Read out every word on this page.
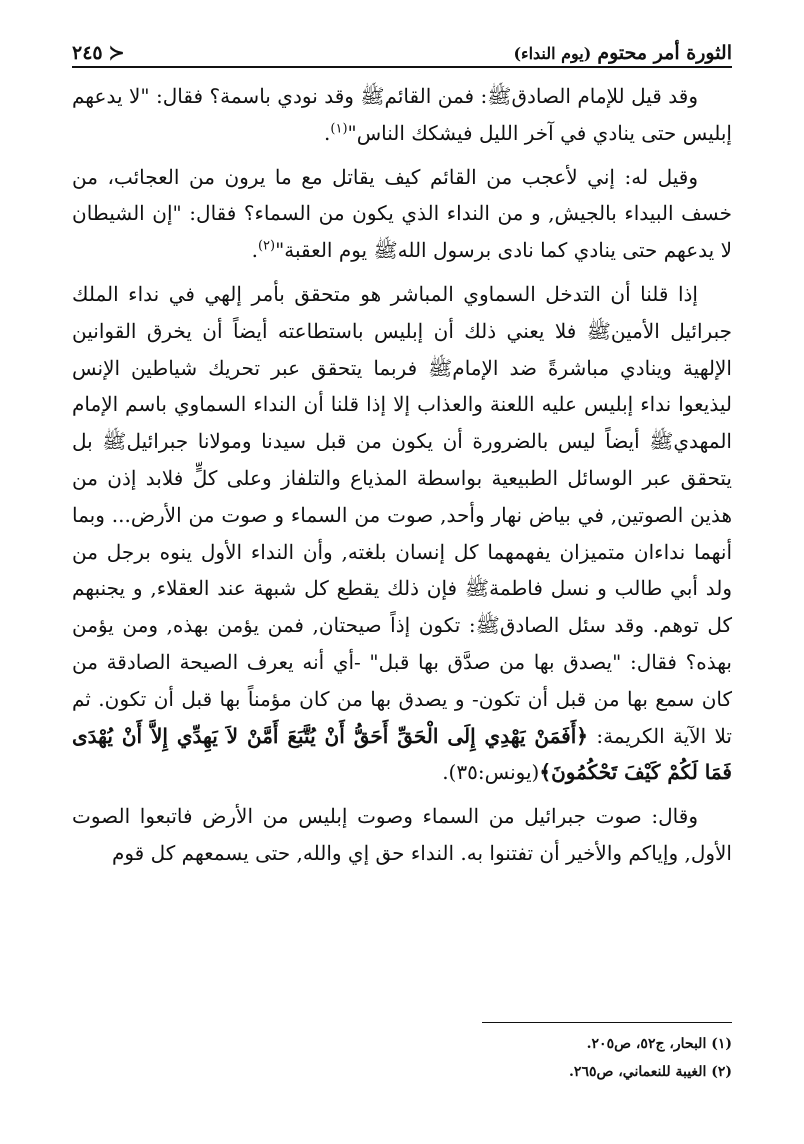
الثورة أمر محتوم
(يوم النداء)
≺
٢٤٥

وقد قيل للإمام الصادق‌ﷺ: فمن القائم‌ﷺ وقد نودي باسمة؟ فقال: "لا يدعهم إبليس حتى ينادي في آخر الليل فيشكك الناس"$^{(١)}$.

وقيل له: إني لأعجب من القائم كيف يقاتل مع ما يرون من العجائب، من خسف البيداء بالجيش, و من النداء الذي يكون من السماء؟ فقال: "إن الشيطان لا يدعهم حتى ينادي كما نادى برسول الله‌ﷺ يوم العقبة"$^{(٢)}$.

إذا قلنا أن التدخل السماوي المباشر هو متحقق بأمر إلهي في نداء الملك جبرائيل الأمين‌ﷺ فلا يعني ذلك أن إبليس باستطاعته أيضاً أن يخرق القوانين الإلهية وينادي مباشرةً ضد الإمام‌ﷺ فربما يتحقق عبر تحريك شياطين الإنس ليذيعوا نداء إبليس عليه اللعنة والعذاب إلا إذا قلنا أن النداء السماوي باسم الإمام المهدي‌ﷺ أيضاً ليس بالضرورة أن يكون من قبل سيدنا ومولانا جبرائيل‌ﷺ بل يتحقق عبر الوسائل الطبيعية بواسطة المذياع والتلفاز وعلى كلٍّ فلابد إذن من هذين الصوتين, في بياض نهار وأحد, صوت من السماء و صوت من الأرض... وبما أنهما نداءان متميزان يفهمهما كل إنسان بلغته, وأن النداء الأول ينوه برجل من ولد أبي طالب و نسل فاطمة‌ﷺ فإن ذلك يقطع كل شبهة عند العقلاء, و يجنبهم كل توهم. وقد سئل الصادق‌ﷺ: تكون إذاً صيحتان, فمن يؤمن بهذه, ومن يؤمن بهذه؟ فقال: "يصدق بها من صدَّق بها قبل" -أي أنه يعرف الصيحة الصادقة من كان سمع بها من قبل أن تكون- و يصدق بها من كان مؤمناً بها قبل أن تكون. ثم تلا الآية الكريمة: ﴿أَفَمَنْ يَهْدِي إِلَى الْحَقِّ أَحَقُّ أَنْ يُتَّبَعَ أَمَّنْ لاَ يَهِدِّي إِلاَّ أَنْ يُهْدَى فَمَا لَكُمْ كَيْفَ تَحْكُمُونَ﴾(يونس:٣٥).

وقال: صوت جبرائيل من السماء وصوت إبليس من الأرض فاتبعوا الصوت الأول, وإياكم والأخير أن تفتنوا به. النداء حق إي والله, حتى يسمعهم كل قوم

(١) البحار، ج٥٢، ص٢٠٥.

(٢) الغيبة للنعماني، ص٢٦٥.
